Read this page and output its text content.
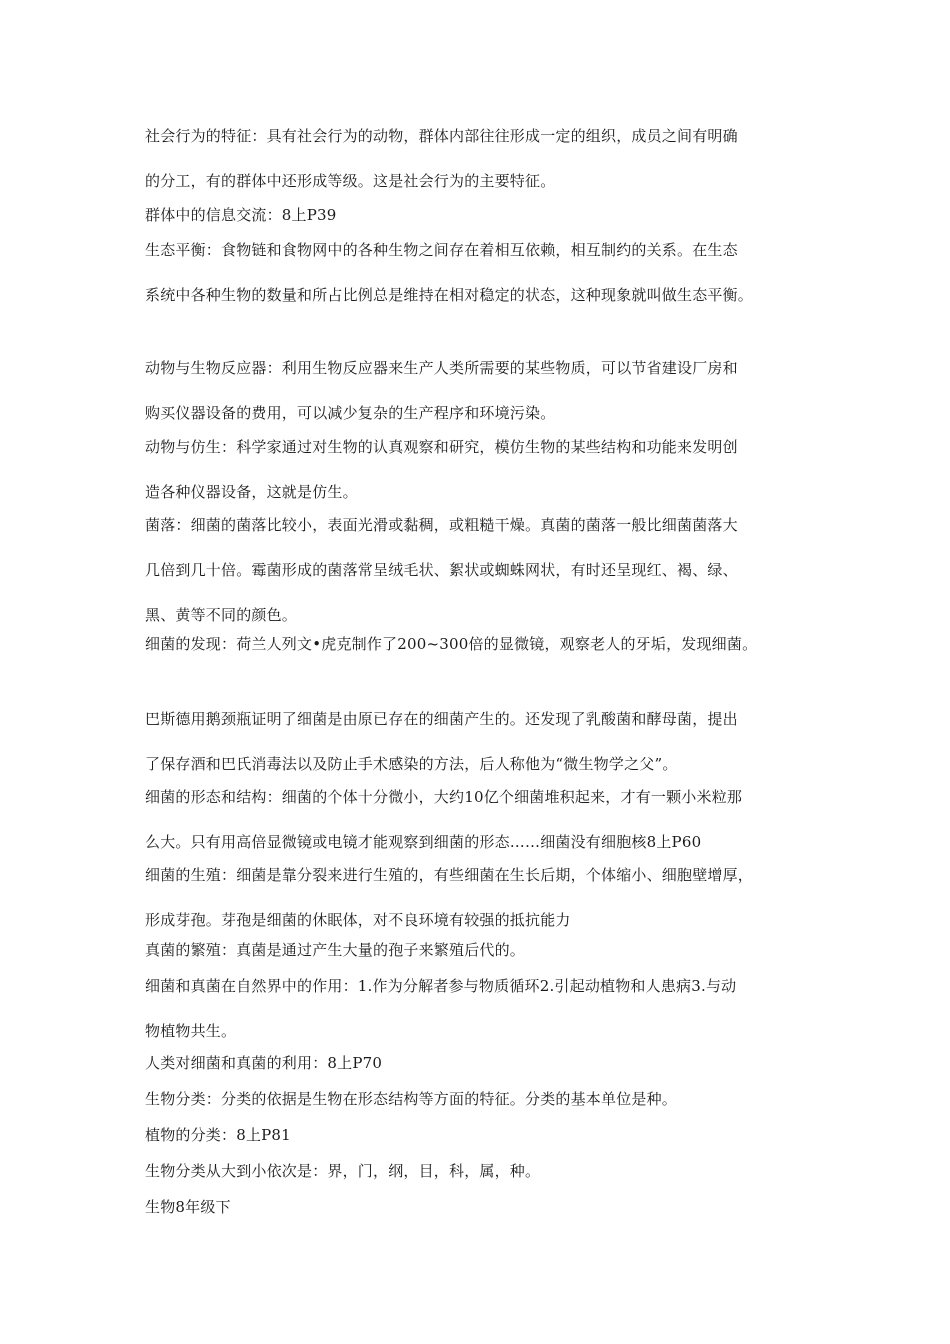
社会行为的特征：具有社会行为的动物，群体内部往往形成一定的组织，成员之间有明确
的分工，有的群体中还形成等级。这是社会行为的主要特征。
群体中的信息交流：8上P39
生态平衡：食物链和食物网中的各种生物之间存在着相互依赖，相互制约的关系。在生态
系统中各种生物的数量和所占比例总是维持在相对稳定的状态，这种现象就叫做生态平衡。
动物与生物反应器：利用生物反应器来生产人类所需要的某些物质，可以节省建设厂房和
购买仪器设备的费用，可以减少复杂的生产程序和环境污染。
动物与仿生：科学家通过对生物的认真观察和研究，模仿生物的某些结构和功能来发明创
造各种仪器设备，这就是仿生。
菌落：细菌的菌落比较小，表面光滑或黏稠，或粗糙干燥。真菌的菌落一般比细菌菌落大
几倍到几十倍。霉菌形成的菌落常呈绒毛状、絮状或蜘蛛网状，有时还呈现红、褐、绿、
黑、黄等不同的颜色。
细菌的发现：荷兰人列文•虎克制作了200~300倍的显微镜，观察老人的牙垢，发现细菌。
巴斯德用鹅颈瓶证明了细菌是由原已存在的细菌产生的。还发现了乳酸菌和酵母菌，提出
了保存酒和巴氏消毒法以及防止手术感染的方法，后人称他为“微生物学之父”。
细菌的形态和结构：细菌的个体十分微小，大约10亿个细菌堆积起来，才有一颗小米粒那
么大。只有用高倍显微镜或电镜才能观察到细菌的形态……细菌没有细胞核8上P60
细菌的生殖：细菌是靠分裂来进行生殖的，有些细菌在生长后期，个体缩小、细胞壁增厚，
形成芽孢。芽孢是细菌的休眠体，对不良环境有较强的抵抗能力
真菌的繁殖：真菌是通过产生大量的孢子来繁殖后代的。
细菌和真菌在自然界中的作用：1.作为分解者参与物质循环2.引起动植物和人患病3.与动
物植物共生。
人类对细菌和真菌的利用：8上P70
生物分类：分类的依据是生物在形态结构等方面的特征。分类的基本单位是种。
植物的分类：8上P81
生物分类从大到小依次是：界，门，纲，目，科，属，种。
生物8年级下
